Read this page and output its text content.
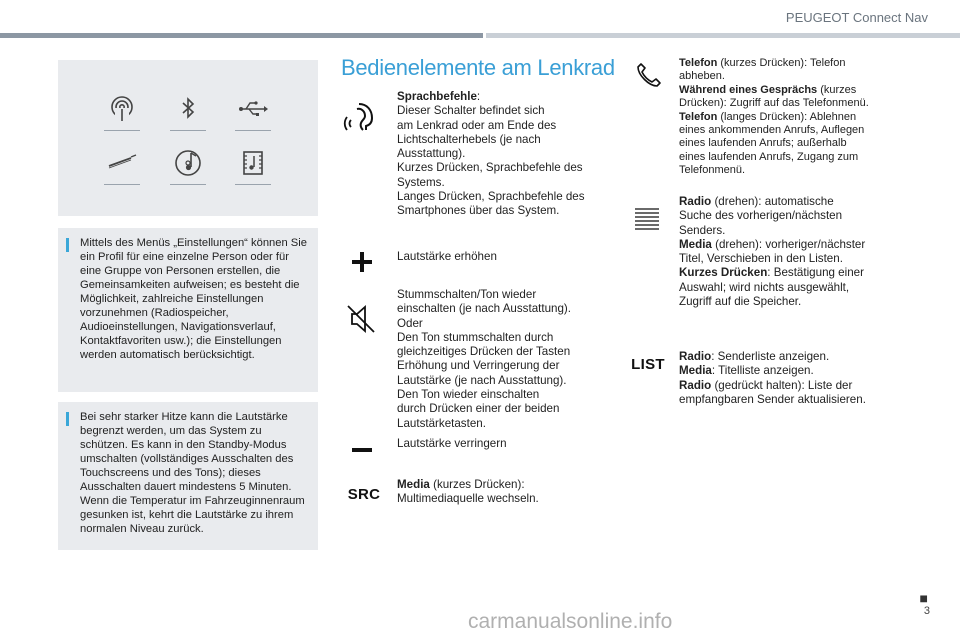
PEUGEOT Connect Nav

Mittels des Menüs „Einstellungen“ können Sie ein Profil für eine einzelne Person oder für eine Gruppe von Personen erstellen, die Gemeinsamkeiten aufweisen; es besteht die Möglichkeit, zahlreiche Einstellungen vorzunehmen (Radiospeicher, Audioeinstellungen, Navigationsverlauf, Kontaktfavoriten usw.); die Einstellungen werden automatisch berücksichtigt.

Bei sehr starker Hitze kann die Lautstärke begrenzt werden, um das System zu schützen. Es kann in den Standby-Modus umschalten (vollständiges Ausschalten des Touchscreens und des Tons); dieses Ausschalten dauert mindestens 5 Minuten. Wenn die Temperatur im Fahrzeuginnenraum gesunken ist, kehrt die Lautstärke zu ihrem normalen Niveau zurück.

Bedienelemente am Lenkrad

Sprachbefehle:
Dieser Schalter befindet sich
am Lenkrad oder am Ende des
Lichtschalterhebels (je nach
Ausstattung).
Kurzes Drücken, Sprachbefehle des
Systems.
Langes Drücken, Sprachbefehle des
Smartphones über das System.

Lautstärke erhöhen

Stummschalten/Ton wieder
einschalten (je nach Ausstattung).
Oder
Den Ton stummschalten durch
gleichzeitiges Drücken der Tasten
Erhöhung und Verringerung der
Lautstärke (je nach Ausstattung).
Den Ton wieder einschalten
durch Drücken einer der beiden
Lautstärketasten.

Lautstärke verringern

SRC

Media (kurzes Drücken):
Multimediaquelle wechseln.

Telefon (kurzes Drücken): Telefon
abheben.
Während eines Gesprächs (kurzes
Drücken): Zugriff auf das Telefonmenü.
Telefon (langes Drücken): Ablehnen
eines ankommenden Anrufs, Auflegen
eines laufenden Anrufs; außerhalb
eines laufenden Anrufs, Zugang zum
Telefonmenü.

Radio (drehen): automatische
Suche des vorherigen/nächsten
Senders.
Media (drehen): vorheriger/nächster
Titel, Verschieben in den Listen.
Kurzes Drücken: Bestätigung einer
Auswahl; wird nichts ausgewählt,
Zugriff auf die Speicher.

LIST	Radio: Senderliste anzeigen.
Media: Titelliste anzeigen.
Radio (gedrückt halten): Liste der
empfangbaren Sender aktualisieren.

■
3
carmanualsonline.info
